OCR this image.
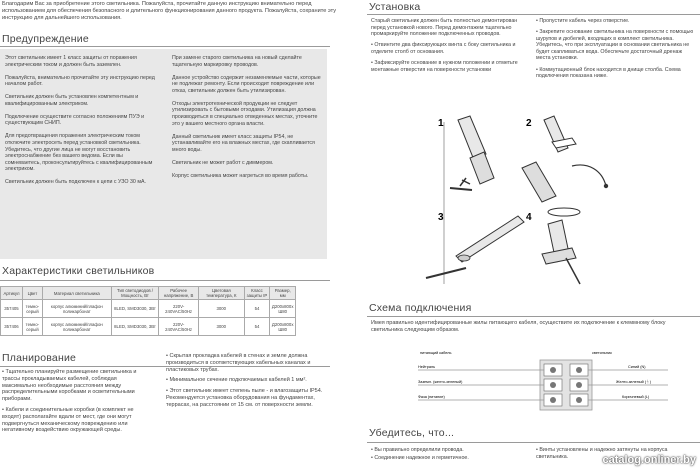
Благодарим Вас за приобретение этого светильника. Пожалуйста, прочитайте данную инструкцию внимательно перед использованием для обеспечения безопасного и длительного функционирования данного продукта. Пожалуйста, сохраните эту инструкцию для дальнейшего использования.
Предупреждение

Этот светильник имеет 1 класс защиты от поражения электрическим током и должен быть заземлен.

Пожалуйста, внимательно прочитайте эту инструкцию перед началом работ.

Светильник должен быть установлен компетентным и квалифицированным электриком.

Подключение осуществите согласно положениям ПУЭ и существующим СНИП.

Для предотвращения поражения электрическим током отключите электросеть перед установкой светильника. Убедитесь, что другие лица не могут восстановить электроснабжение без вашего ведома. Если вы сомневаетесь, проконсультируйтесь с квалифицированным электриком.

Светильник должен быть подключен к цепи с УЗО 30 мА.

При замене старого светильника на новый сделайте тщательную маркировку проводов.

Данное устройство содержит незаменяемые части, которые не подлежат ремонту. Если происходит повреждение или отказ, светильник должен быть утилизирован.

Отходы электротехнической продукции не следует утилизировать с бытовыми отходами. Утилизация должна производиться в специально отведенных местах, уточните это у вашего местного органа власти.

Данный светильник имеет класс защиты IP54, не устанавливайте его на влажных местах, где скапливается много воды.

Светильник не может работ с диммером.

Корпус светильника может нагреться во время работы.

Характеристики светильников
Артикул	Цвет	Материал светильника	Тип светодиодов / Мощность, Вт	Рабочее напряжение, В	Цветовая температура, К	Класс защиты IP	Размер, мм
357405	темно-серый	корпус алюминий/плафон поликарбонат	8LED, SMD3030, 3Вт	220V-240VAC/50Hz	3000	54	Д200х800х Ш80
357406	темно-серый	корпус алюминий/плафон поликарбонат	8LED, SMD3030, 3Вт	220V-240VAC/50Hz	3000	54	Д200х800х Ш80
Планирование

• Тщательно планируйте размещение светильника и трассы прокладываемых кабелей, соблюдая максимально необходимые расстояния между распределительными коробками и осветительными приборами.

• Кабели и соединительные коробки (в комплект не входят) располагайте вдали от мест, где они могут подвергнуться механическому повреждению или негативному воздействию окружающей среды.

• Скрытая прокладка кабелей в стенах и земле должна производиться в соответствующих кабельных каналах и пластиковых трубах.

• Минимальное сечение подключаемых кабелей 1 мм².

• Этот светильник имеет степень пыле - и влагозащиты IP54. Рекомендуется установка оборудования на фундаментах, террасах, на расстоянии от 15 см. от поверхности земли.

Установка

Старый светильник должен быть полностью демонтирован перед установкой нового. Перед демонтажем тщательно промаркируйте положение подключенных проводов.

• Отвинтите два фиксирующих винта с боку светильника и отделите столб от основания.

• Зафиксируйте основание в нужном положении и отметьте монтажные отверстия на поверхности установки

• Пропустите кабель через отверстие.

• Закрепите основание светильника на поверхности с помощью шурупов и дюбелей, входящих в комплект светильника. Убедитесь, что при эксплуатации в основании светильника не будет скапливаться вода. Обеспечьте достаточный дренаж места установки.

• Коммутационный блок находится в днище столба. Схема подключения показана ниже.

1	2
3	4
Схема подключения
Имея правильно идентифицированные жилы питающего кабеля, осуществите их подключение к клеммному блоку светильника следующим образом.
питающий кабель	светильник
Нейтраль
Заземл. (желто-зеленый)
Фаза (питание)
Синий (N)
Желто-зеленый (⏚)
Коричневый (L)
Убедитесь, что...

• Вы правильно определили провода.

• Соединение надежное и герметичное.

• Винты установлены и надежно затянуты на корпуса светильника.	catalog.onliner.by
